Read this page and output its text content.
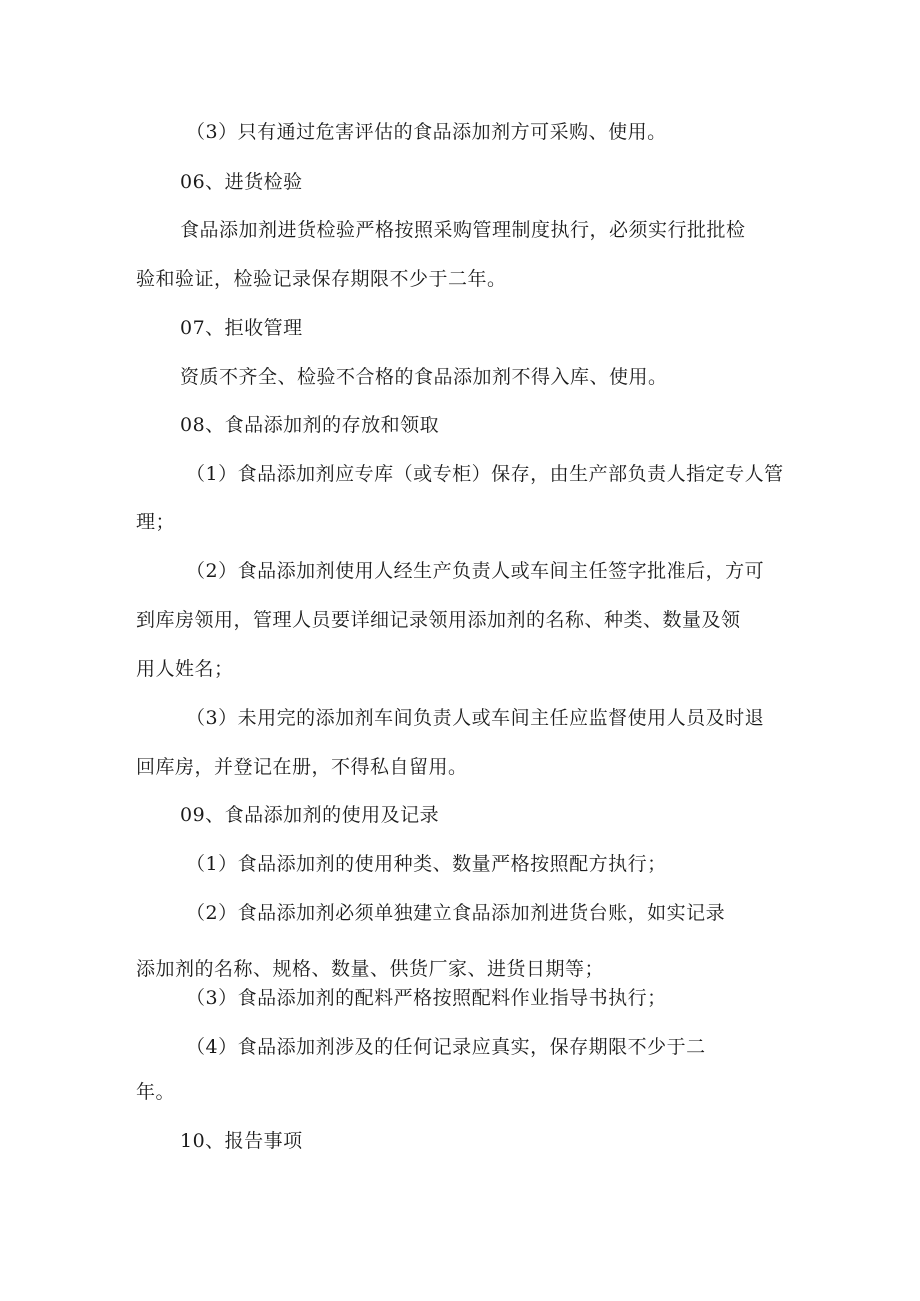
（3）只有通过危害评估的食品添加剂方可采购、使用。
06、进货检验
食品添加剂进货检验严格按照采购管理制度执行，必须实行批批检
验和验证，检验记录保存期限不少于二年。
07、拒收管理
资质不齐全、检验不合格的食品添加剂不得入库、使用。
08、食品添加剂的存放和领取
（1）食品添加剂应专库（或专柜）保存，由生产部负责人指定专人管
理；
（2）食品添加剂使用人经生产负责人或车间主任签字批准后，方可
到库房领用，管理人员要详细记录领用添加剂的名称、种类、数量及领
用人姓名；
（3）未用完的添加剂车间负责人或车间主任应监督使用人员及时退
回库房，并登记在册，不得私自留用。
09、食品添加剂的使用及记录
（1）食品添加剂的使用种类、数量严格按照配方执行；
（2）食品添加剂必须单独建立食品添加剂进货台账，如实记录
添加剂的名称、规格、数量、供货厂家、进货日期等；
（3）食品添加剂的配料严格按照配料作业指导书执行；
（4）食品添加剂涉及的任何记录应真实，保存期限不少于二
年。
10、报告事项
